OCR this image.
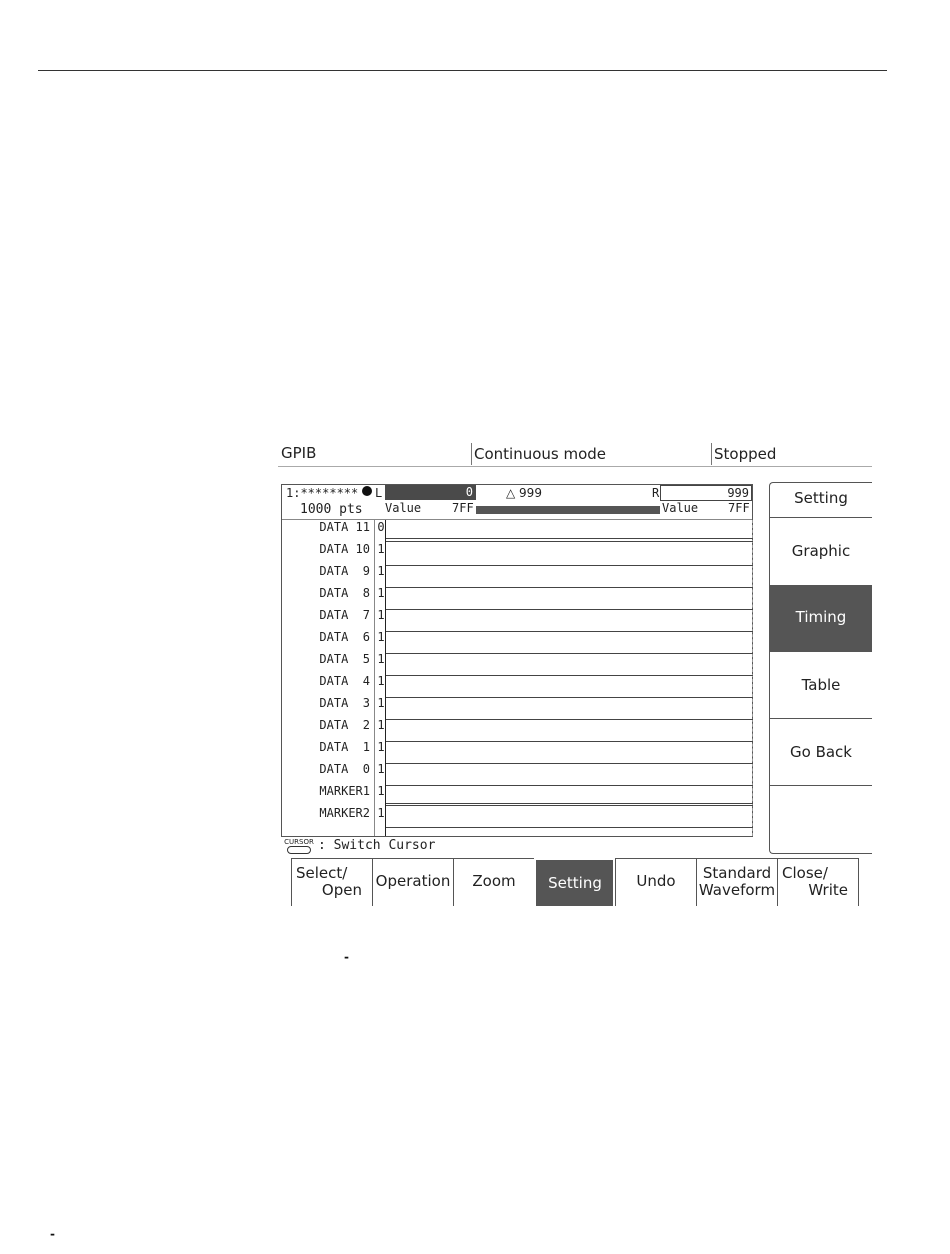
GPIB	Continuous mode	Stopped
1:******** L	0	△ 999	R	999
1000 pts Value	7FF	Value 7FF
DATA 11 0
DATA 10 1
DATA  9 1
DATA  8 1
DATA  7 1
DATA  6 1
DATA  5 1
DATA  4 1
DATA  3 1
DATA  2 1
DATA  1 1
DATA  0 1
MARKER1 1
MARKER2 1
CURSOR : Switch Cursor
Setting
Graphic
Timing
Table
Go Back
Select/
Open Operation	Zoom	Setting	Undo	Standard
Waveform
Close/
Write
-
-
